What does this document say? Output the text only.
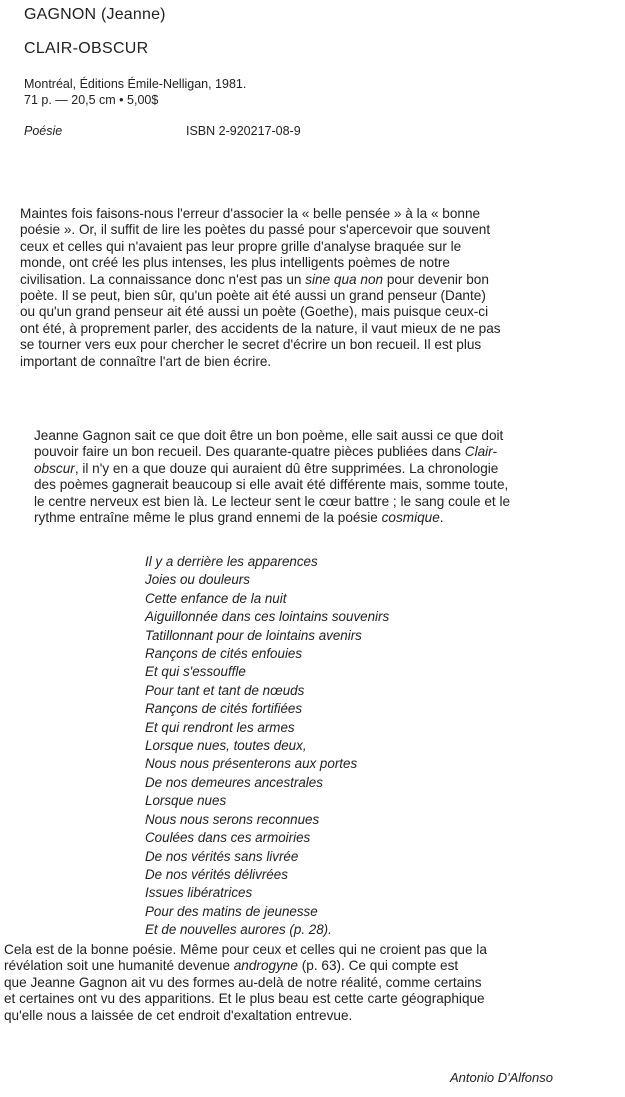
GAGNON (Jeanne)
CLAIR-OBSCUR
Montréal, Éditions Émile-Nelligan, 1981.
71 p. — 20,5 cm • 5,00$
Poésie	ISBN 2-920217-08-9
Maintes fois faisons-nous l'erreur d'associer la « belle pensée » à la « bonne
poésie ». Or, il suffit de lire les poètes du passé pour s'apercevoir que souvent
ceux et celles qui n'avaient pas leur propre grille d'analyse braquée sur le
monde, ont créé les plus intenses, les plus intelligents poèmes de notre
civilisation. La connaissance donc n'est pas un sine qua non pour devenir bon
poète. Il se peut, bien sûr, qu'un poète ait été aussi un grand penseur (Dante)
ou qu'un grand penseur ait été aussi un poète (Goethe), mais puisque ceux-ci
ont été, à proprement parler, des accidents de la nature, il vaut mieux de ne pas
se tourner vers eux pour chercher le secret d'écrire un bon recueil. Il est plus
important de connaître l'art de bien écrire.
Jeanne Gagnon sait ce que doit être un bon poème, elle sait aussi ce que doit
pouvoir faire un bon recueil. Des quarante-quatre pièces publiées dans Clair-
obscur, il n'y en a que douze qui auraient dû être supprimées. La chronologie
des poèmes gagnerait beaucoup si elle avait été différente mais, somme toute,
le centre nerveux est bien là. Le lecteur sent le cœur battre ; le sang coule et le
rythme entraîne même le plus grand ennemi de la poésie cosmique.
Il y a derrière les apparences
Joies ou douleurs
Cette enfance de la nuit
Aiguillonnée dans ces lointains souvenirs
Tatillonnant pour de lointains avenirs
Rançons de cités enfouies
Et qui s'essouffle
Pour tant et tant de nœuds
Rançons de cités fortifiées
Et qui rendront les armes
Lorsque nues, toutes deux,
Nous nous présenterons aux portes
De nos demeures ancestrales
Lorsque nues
Nous nous serons reconnues
Coulées dans ces armoiries
De nos vérités sans livrée
De nos vérités délivrées
Issues libératrices
Pour des matins de jeunesse
Et de nouvelles aurores (p. 28).
Cela est de la bonne poésie. Même pour ceux et celles qui ne croient pas que la
révélation soit une humanité devenue androgyne (p. 63). Ce qui compte est
que Jeanne Gagnon ait vu des formes au-delà de notre réalité, comme certains
et certaines ont vu des apparitions. Et le plus beau est cette carte géographique
qu'elle nous a laissée de cet endroit d'exaltation entrevue.
Antonio D'Alfonso
